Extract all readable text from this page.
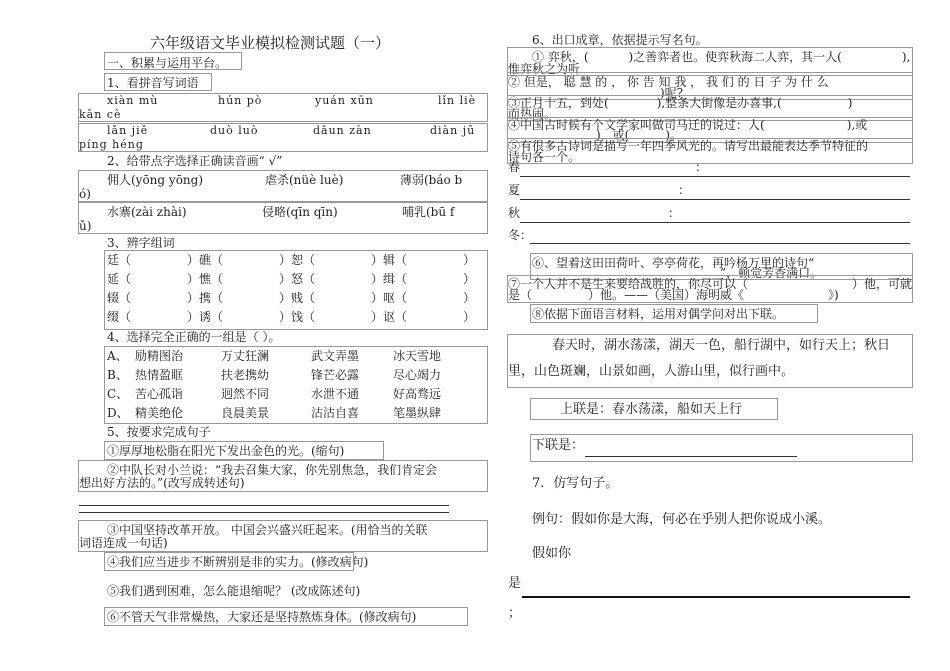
六年级语文毕业模拟检测试题（一）
一、积累与运用平台。
1、看拼音写词语
xiàn mù	hún pò	yuán xūn	lǐn liè
kān cè
lǎn jiě	duò luò	dǎun zàn	diàn jū
píng héng
2、给带点字选择正确读音画“ √”
佣人(yōng yōng)	虐杀(nüè luè)	薄弱(báo b
ó)
水寨(zài zhài)	侵略(qīn qīn)	哺乳(bū f
ǔ)
3、辨字组词
廷（	）礁（	）恕（	）辑（	）
延（	）憔（	）怒（	）缉（	）
辍（	）携（	）贱（	）呕（	）
缀（	）诱（	）饯（	）讴（	）
4、选择完全正确的一组是（ ）。
A、 励精图治	万丈狂澜	武文弄墨	冰天雪地
B、 热情盈眶	扶老携幼	锋芒必露	尽心竭力
C、 苦心孤诣	迥然不同	水泄不通	好高骛远
D、 精美绝伦	良晨美景	沽沽自喜	笔墨纵肆
5、按要求完成句子
①厚厚地松脂在阳光下发出金色的光。(缩句)
②中队长对小兰说：“我去召集大家，你先别焦急，我们肯定会
想出好方法的。”(改写成转述句)
③中国坚持改革开放。 中国会兴盛兴旺起来。(用恰当的关联
词语连成一句话)
④我们应当进步不断辨别是非的实力。(修改病句)
⑤我们遇到困难，怎么能退缩呢？ (改成陈述句)
⑥不管天气非常燥热，大家还是坚持熬炼身体。(修改病句)
6、出口成章，依据提示写名句。
① 弈秋，(	)之善弈者也。使弈秋海二人弈，其一人(	),
惟弈秋之为听
② 但是， 聪 慧 的 ， 你 告 知 我 ， 我 们 的 日 子 为 什 么
)呢?
③正月十五，到处(	),整条大街像是办喜事,(	)
而热闹。
④中国古时候有个文学家叫做司马迁的说过：人(	),或
)，或(	)。
⑤有很多古诗词是描写一年四季风光的。请写出最能表达季节特征的
诗句各一个。
春	：
夏	：
秋	：
冬：
⑥、望着这田田荷叶、亭亭荷花，再吟杨万里的诗句“
”，顿觉芳香满口。
⑦一个人并不是生来要给战胜的，你尽可以（	）他，可就
是（	）他。——（美国）海明威《	》)
⑧依据下面语言材料，运用对偶学问对出下联。
春天时，湖水荡漾，湖天一色，船行湖中，如行天上；秋日
里，山色斑斓，山景如画，人游山里，似行画中。
上联是：春水荡漾，船如天上行
下联是：
7．仿写句子。
例句：假如你是大海，何必在乎别人把你说成小溪。
假如你
是
；
